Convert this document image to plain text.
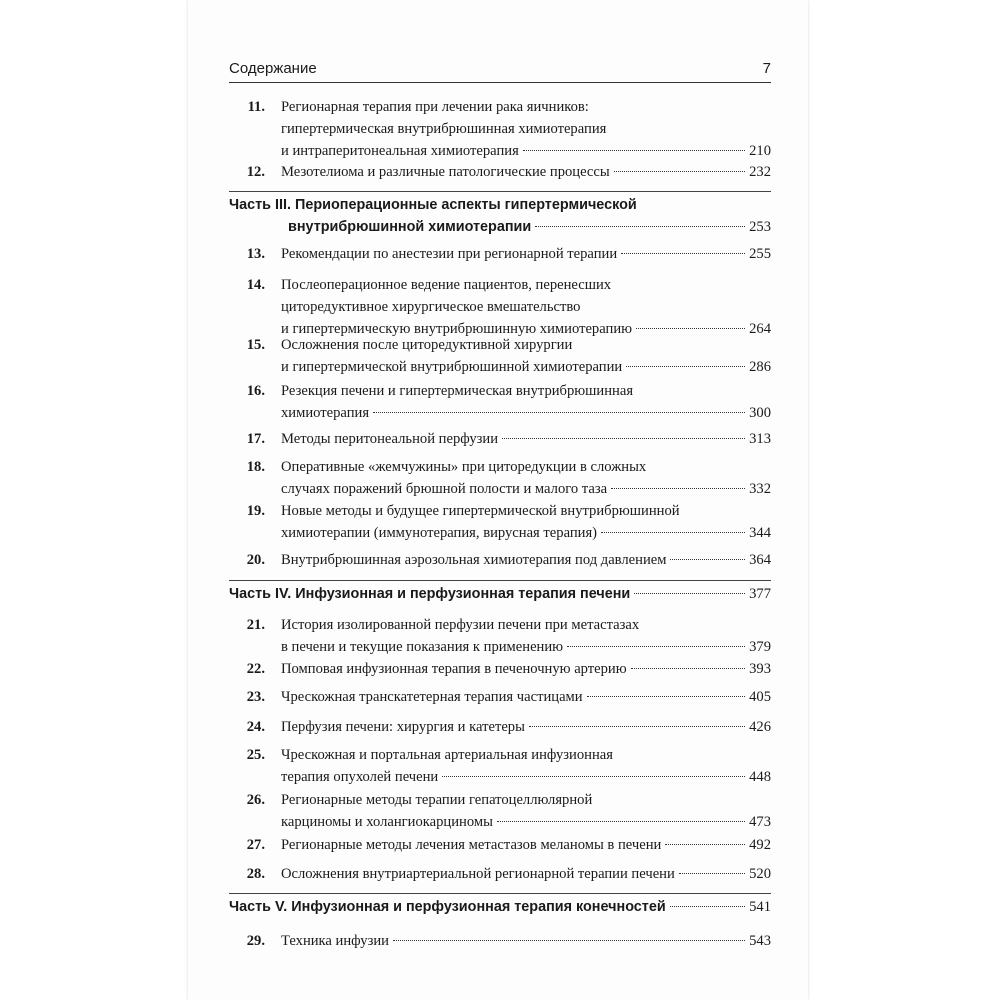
Содержание	7
11. Регионарная терапия при лечении рака яичников:
гипертермическая внутрибрюшинная химиотерапия
и интраперитонеальная химиотерапия	210
12. Мезотелиома и различные патологические процессы	232
Часть III. Периоперационные аспекты гипертермической
внутрибрюшинной химиотерапии	253
13. Рекомендации по анестезии при регионарной терапии	255
14. Послеоперационное ведение пациентов, перенесших
циторедуктивное хирургическое вмешательство
и гипертермическую внутрибрюшинную химиотерапию	264
15. Осложнения после циторедуктивной хирургии
и гипертермической внутрибрюшинной химиотерапии	286
16. Резекция печени и гипертермическая внутрибрюшинная
химиотерапия	300
17. Методы перитонеальной перфузии	313
18. Оперативные «жемчужины» при циторедукции в сложных
случаях поражений брюшной полости и малого таза	332
19. Новые методы и будущее гипертермической внутрибрюшинной
химиотерапии (иммунотерапия, вирусная терапия)	344
20. Внутрибрюшинная аэрозольная химиотерапия под давлением	364
Часть IV. Инфузионная и перфузионная терапия печени	377
21. История изолированной перфузии печени при метастазах
в печени и текущие показания к применению	379
22. Помповая инфузионная терапия в печеночную артерию	393
23. Чрескожная транскатетерная терапия частицами	405
24. Перфузия печени: хирургия и катетеры	426
25. Чрескожная и портальная артериальная инфузионная
терапия опухолей печени	448
26. Регионарные методы терапии гепатоцеллюлярной
карциномы и холангиокарциномы	473
27. Регионарные методы лечения метастазов меланомы в печени	492
28. Осложнения внутриартериальной регионарной терапии печени	520
Часть V. Инфузионная и перфузионная терапия конечностей	541
29. Техника инфузии	543
